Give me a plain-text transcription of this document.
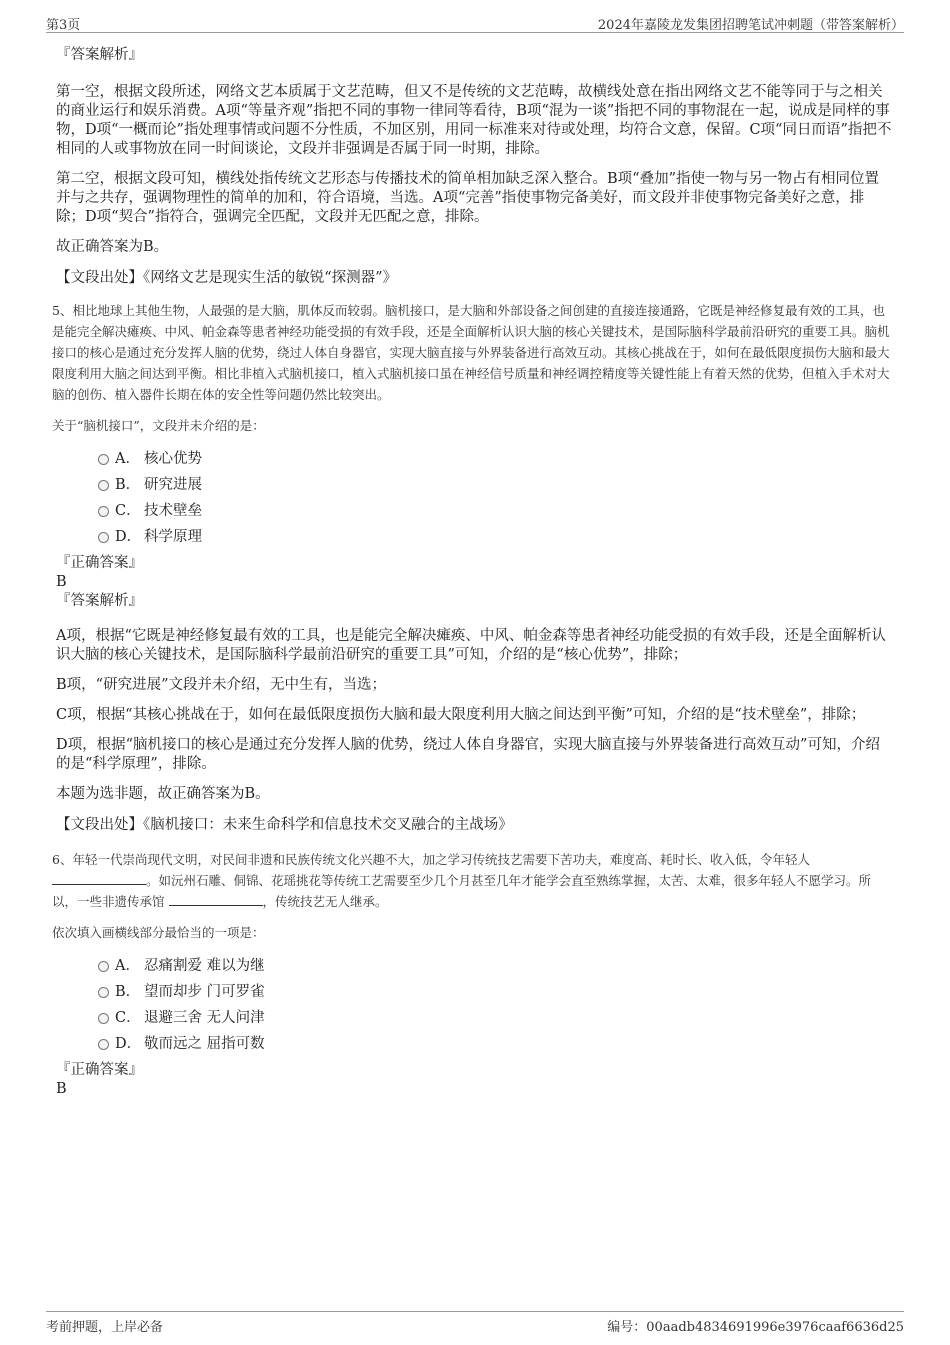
第3页	2024年嘉陵龙发集团招聘笔试冲刺题（带答案解析）

『答案解析』

第一空，根据文段所述，网络文艺本质属于文艺范畴，但又不是传统的文艺范畴，故横线处意在指出网络文艺不能等同于与之相关的商业运行和娱乐消费。A项“等量齐观”指把不同的事物一律同等看待，B项“混为一谈”指把不同的事物混在一起，说成是同样的事物，D项“一概而论”指处理事情或问题不分性质，不加区别，用同一标准来对待或处理，均符合文意，保留。C项“同日而语”指把不相同的人或事物放在同一时间谈论，文段并非强调是否属于同一时期，排除。

第二空，根据文段可知，横线处指传统文艺形态与传播技术的简单相加缺乏深入整合。B项“叠加”指使一物与另一物占有相同位置并与之共存，强调物理性的简单的加和，符合语境，当选。A项“完善”指使事物完备美好，而文段并非使事物完备美好之意，排除；D项“契合”指符合，强调完全匹配，文段并无匹配之意，排除。

故正确答案为B。

【文段出处】《网络文艺是现实生活的敏锐“探测器”》

5、相比地球上其他生物，人最强的是大脑，肌体反而较弱。脑机接口，是大脑和外部设备之间创建的直接连接通路，它既是神经修复最有效的工具，也是能完全解决瘫痪、中风、帕金森等患者神经功能受损的有效手段，还是全面解析认识大脑的核心关键技术，是国际脑科学最前沿研究的重要工具。脑机接口的核心是通过充分发挥人脑的优势，绕过人体自身器官，实现大脑直接与外界装备进行高效互动。其核心挑战在于，如何在最低限度损伤大脑和最大限度利用大脑之间达到平衡。相比非植入式脑机接口，植入式脑机接口虽在神经信号质量和神经调控精度等关键性能上有着天然的优势，但植入手术对大脑的创伤、植入器件长期在体的安全性等问题仍然比较突出。

关于“脑机接口”，文段并未介绍的是：

A． 核心优势
B． 研究进展
C． 技术壁垒
D． 科学原理

『正确答案』

B

『答案解析』

A项，根据“它既是神经修复最有效的工具，也是能完全解决瘫痪、中风、帕金森等患者神经功能受损的有效手段，还是全面解析认识大脑的核心关键技术，是国际脑科学最前沿研究的重要工具”可知，介绍的是“核心优势”，排除；

B项，“研究进展”文段并未介绍，无中生有，当选；

C项，根据“其核心挑战在于，如何在最低限度损伤大脑和最大限度利用大脑之间达到平衡”可知，介绍的是“技术壁垒”，排除；

D项，根据“脑机接口的核心是通过充分发挥人脑的优势，绕过人体自身器官，实现大脑直接与外界装备进行高效互动”可知，介绍的是“科学原理”，排除。

本题为选非题，故正确答案为B。

【文段出处】《脑机接口：未来生命科学和信息技术交叉融合的主战场》

6、年轻一代崇尚现代文明，对民间非遗和民族传统文化兴趣不大，加之学习传统技艺需要下苦功夫，难度高、耗时长、收入低，令年轻人 。如沅州石雕、侗锦、花瑶挑花等传统工艺需要至少几个月甚至几年才能学会直至熟练掌握，太苦、太难，很多年轻人不愿学习。所以，一些非遗传承馆	，传统技艺无人继承。

依次填入画横线部分最恰当的一项是：

A． 忍痛割爱 难以为继
B． 望而却步 门可罗雀
C． 退避三舍 无人问津
D． 敬而远之 屈指可数

『正确答案』

B

考前押题，上岸必备	编号：00aadb4834691996e3976caaf6636d25
